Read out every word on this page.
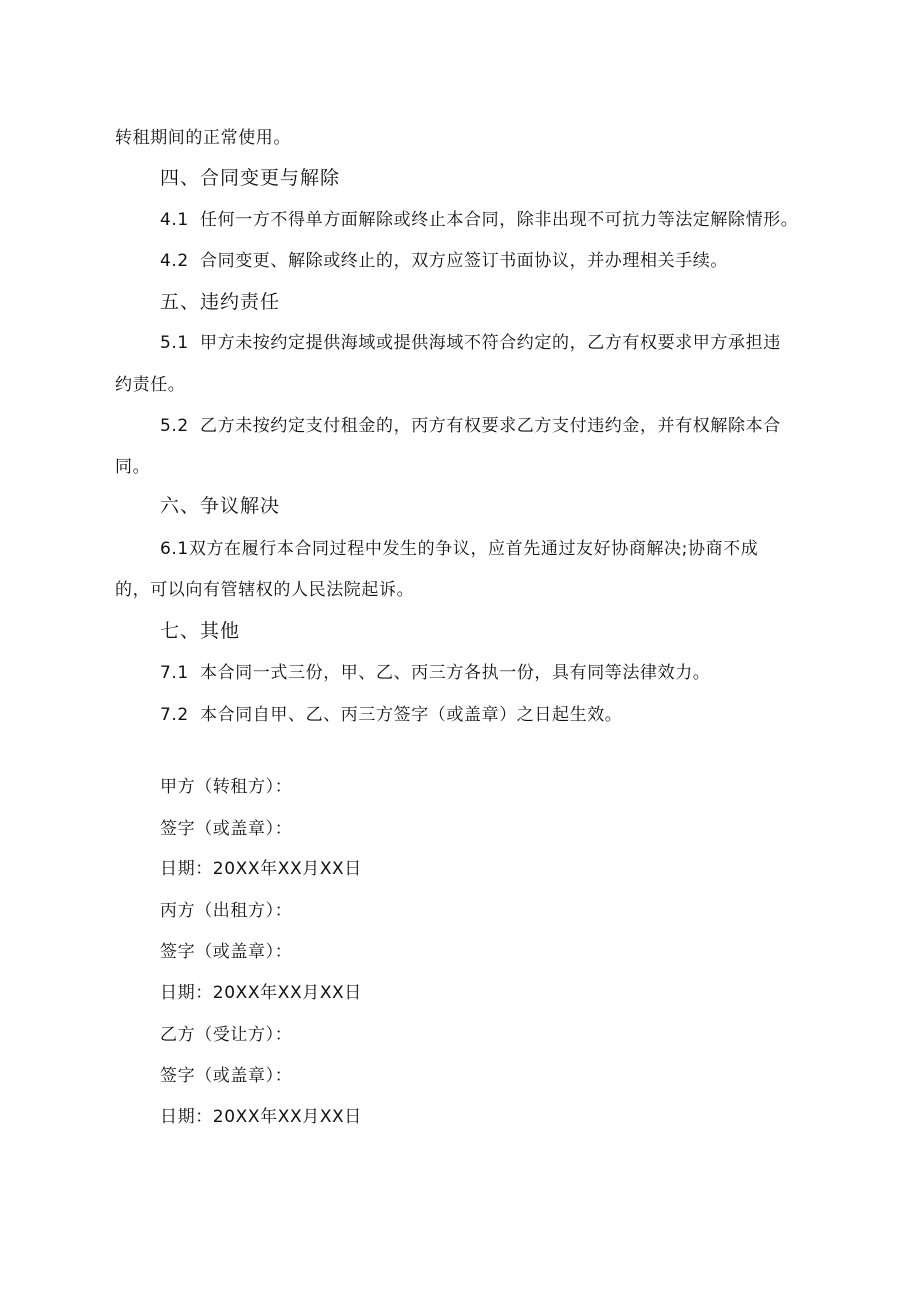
转租期间的正常使用。
四、合同变更与解除
4.1 任何一方不得单方面解除或终止本合同，除非出现不可抗力等法定解除情形。
4.2 合同变更、解除或终止的，双方应签订书面协议，并办理相关手续。
五、违约责任
5.1 甲方未按约定提供海域或提供海域不符合约定的，乙方有权要求甲方承担违
约责任。
5.2 乙方未按约定支付租金的，丙方有权要求乙方支付违约金，并有权解除本合
同。
六、争议解决
6.1双方在履行本合同过程中发生的争议，应首先通过友好协商解决;协商不成
的，可以向有管辖权的人民法院起诉。
七、其他
7.1 本合同一式三份，甲、乙、丙三方各执一份，具有同等法律效力。
7.2 本合同自甲、乙、丙三方签字（或盖章）之日起生效。
甲方（转租方）：
签字（或盖章）：
日期：20XX年XX月XX日
丙方（出租方）：
签字（或盖章）：
日期：20XX年XX月XX日
乙方（受让方）：
签字（或盖章）：
日期：20XX年XX月XX日
